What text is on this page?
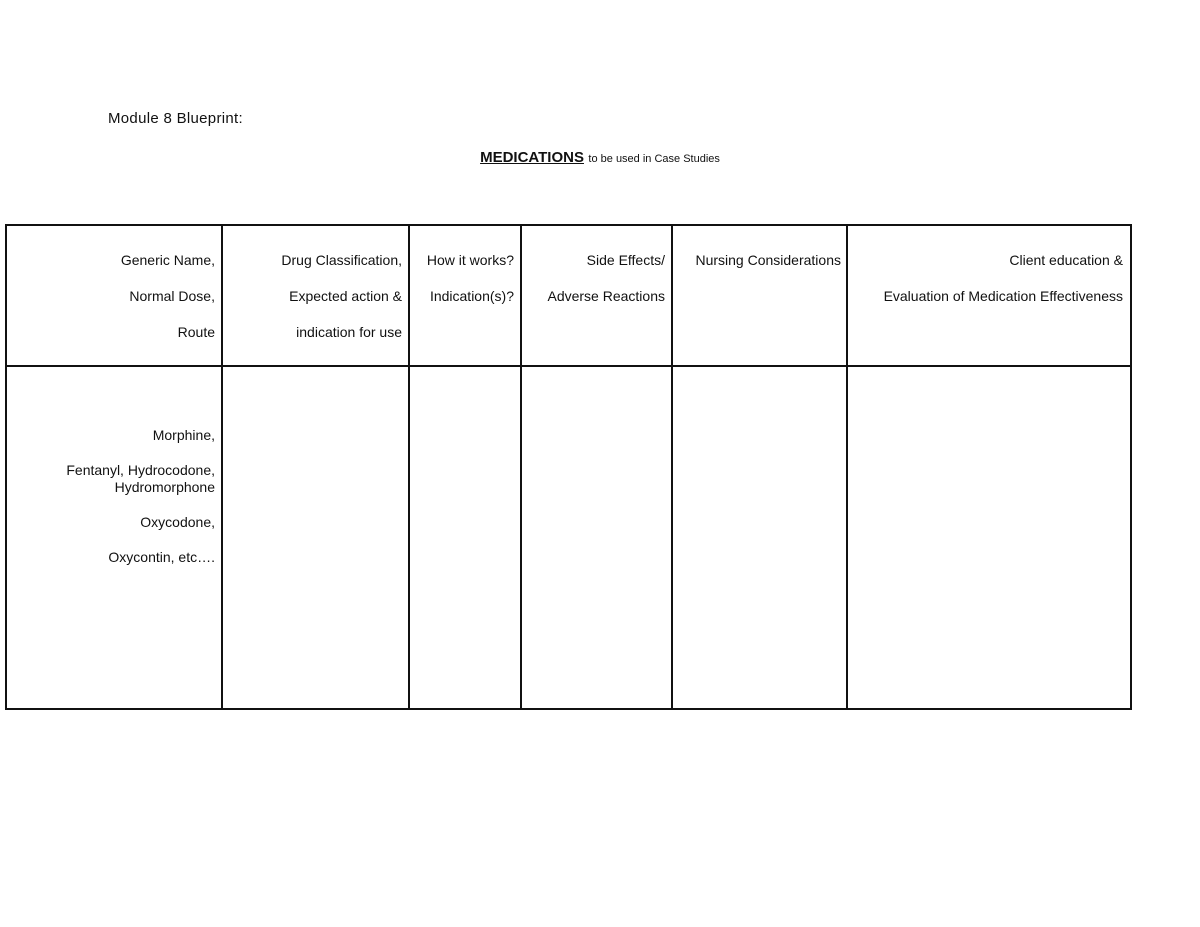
Module 8 Blueprint:
MEDICATIONS to be used in Case Studies
Generic Name,
Normal Dose,
Route
Drug Classification,
Expected action &
indication for use
How it works?
Indication(s)?
Side Effects/
Adverse Reactions
Nursing Considerations	Client education &
Evaluation of Medication Effectiveness
Morphine,
Fentanyl, Hydrocodone,
Hydromorphone
Oxycodone,
Oxycontin, etc….
